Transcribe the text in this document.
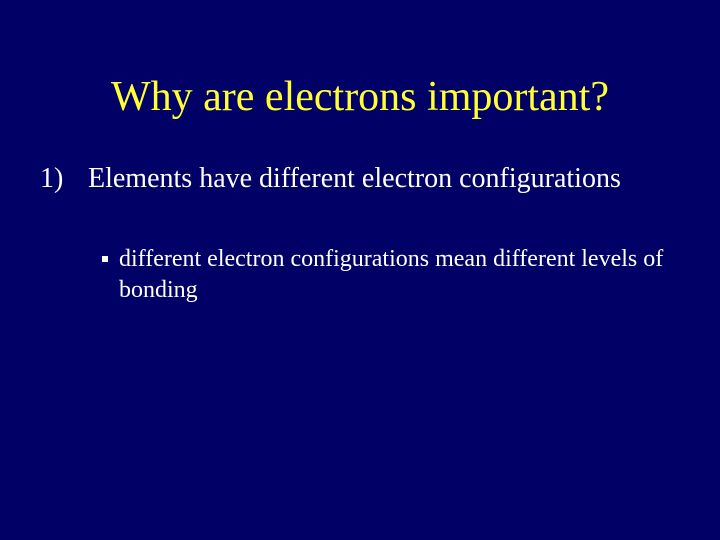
Why are electrons important?
1) Elements have different electron configurations
different electron configurations mean different levels of bonding
